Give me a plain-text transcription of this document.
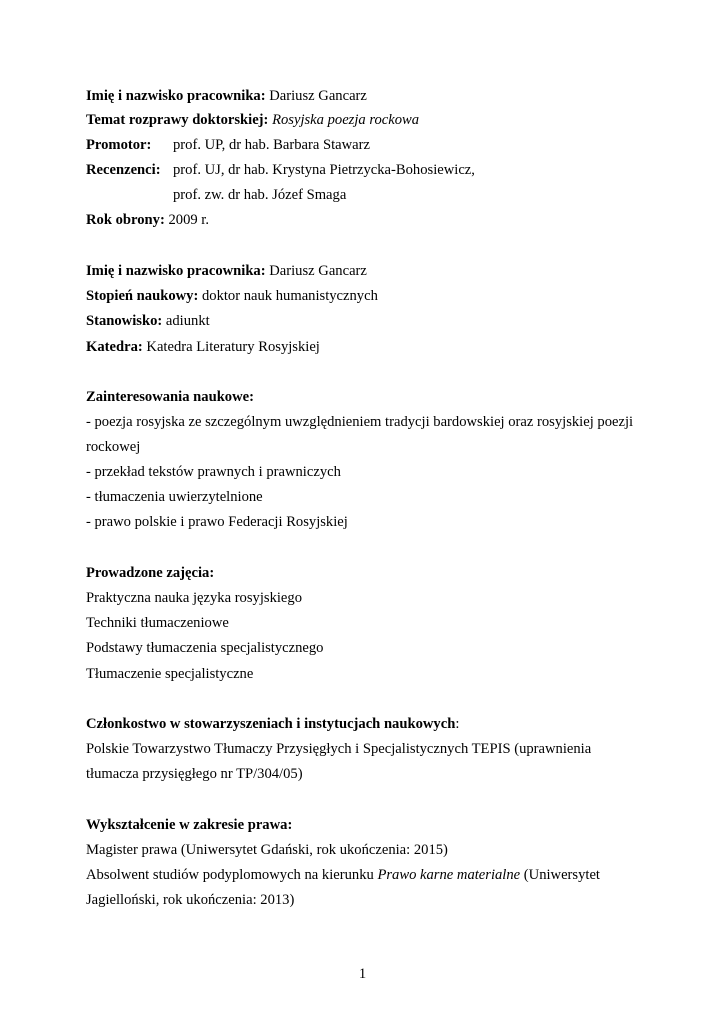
Imię i nazwisko pracownika: Dariusz Gancarz
Temat rozprawy doktorskiej: Rosyjska poezja rockowa
Promotor: prof. UP, dr hab. Barbara Stawarz
Recenzenci: prof. UJ, dr hab. Krystyna Pietrzycka-Bohosiewicz,
prof. zw. dr hab. Józef Smaga
Rok obrony: 2009 r.
Imię i nazwisko pracownika: Dariusz Gancarz
Stopień naukowy: doktor nauk humanistycznych
Stanowisko: adiunkt
Katedra: Katedra Literatury Rosyjskiej
Zainteresowania naukowe:
- poezja rosyjska ze szczególnym uwzględnieniem tradycji bardowskiej oraz rosyjskiej poezji
rockowej
- przekład tekstów prawnych i prawniczych
- tłumaczenia uwierzytelnione
- prawo polskie i prawo Federacji Rosyjskiej
Prowadzone zajęcia:
Praktyczna nauka języka rosyjskiego
Techniki tłumaczeniowe
Podstawy tłumaczenia specjalistycznego
Tłumaczenie specjalistyczne
Członkostwo w stowarzyszeniach i instytucjach naukowych:
Polskie Towarzystwo Tłumaczy Przysięgłych i Specjalistycznych TEPIS (uprawnienia
tłumacza przysięgłego nr TP/304/05)
Wykształcenie w zakresie prawa:
Magister prawa (Uniwersytet Gdański, rok ukończenia: 2015)
Absolwent studiów podyplomowych na kierunku Prawo karne materialne (Uniwersytet
Jagielloński, rok ukończenia: 2013)
1
